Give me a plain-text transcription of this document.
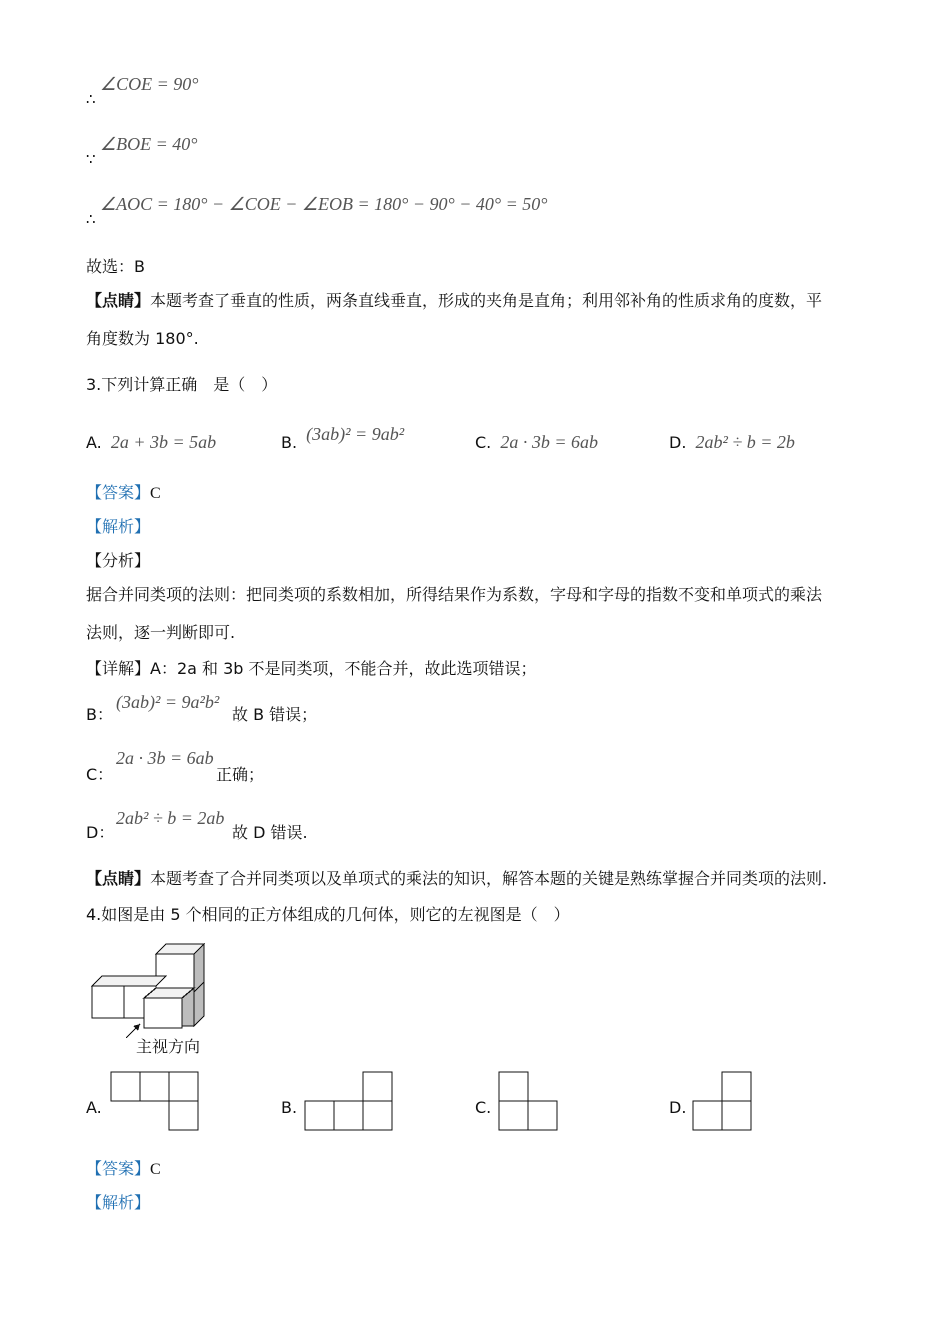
∴
∠COE = 90°
∵
∠BOE = 40°
∴
∠AOC = 180° − ∠COE − ∠EOB = 180° − 90° − 40° = 50°
故选：B
【点睛】本题考查了垂直的性质，两条直线垂直，形成的夹角是直角；利用邻补角的性质求角的度数，平
角度数为 180°.
3.下列计算正确　是（　）
A. 2a + 3b = 5ab	B. (3ab)² = 9ab²	C. 2a · 3b = 6ab	D. 2ab² ÷ b = 2b
【答案】C
【解析】
【分析】
据合并同类项的法则：把同类项的系数相加，所得结果作为系数，字母和字母的指数不变和单项式的乘法
法则，逐一判断即可.
【详解】A：2a 和 3b 不是同类项，不能合并，故此选项错误；
B：
(3ab)² = 9a²b²
故 B 错误；
C：
2a · 3b = 6ab
正确；
D：
2ab² ÷ b = 2ab
故 D 错误.
【点睛】本题考查了合并同类项以及单项式的乘法的知识，解答本题的关键是熟练掌握合并同类项的法则.
4.如图是由 5 个相同的正方体组成的几何体，则它的左视图是（　）
主视方向
A.	B.	C.	D.
【答案】C
【解析】
